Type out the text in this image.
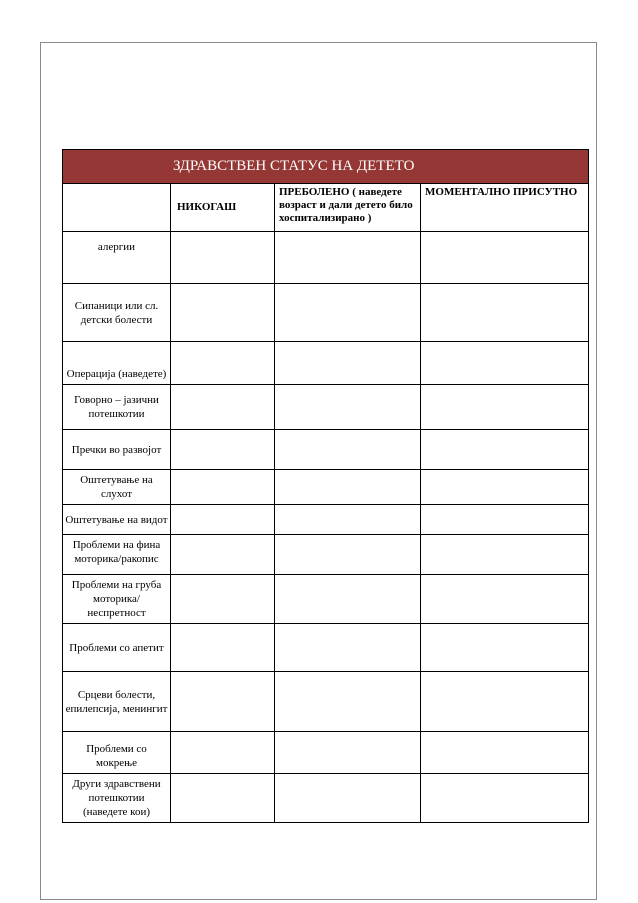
ЗДРАВСТВЕН СТАТУС НА ДЕТЕТО			
	НИКОГАШ	ПРЕБОЛЕНО ( наведете возраст и дали детето било хоспитализирано )	МОМЕНТАЛНО ПРИСУТНО
алергии			
Сипаници или сл. детски болести			
Операција (наведете)			
Говорно – јазични потешкотии			
Пречки во развојот			
Оштетување на слухот			
Оштетување на видот			
Проблеми на фина моторика/ракопис			
Проблеми на груба моторика/ неспретност			
Проблеми со апетит			
Срцеви болести, епилепсија, менингит			
Проблеми со мокрење			
Други здравствени потешкотии (наведете кои)			
